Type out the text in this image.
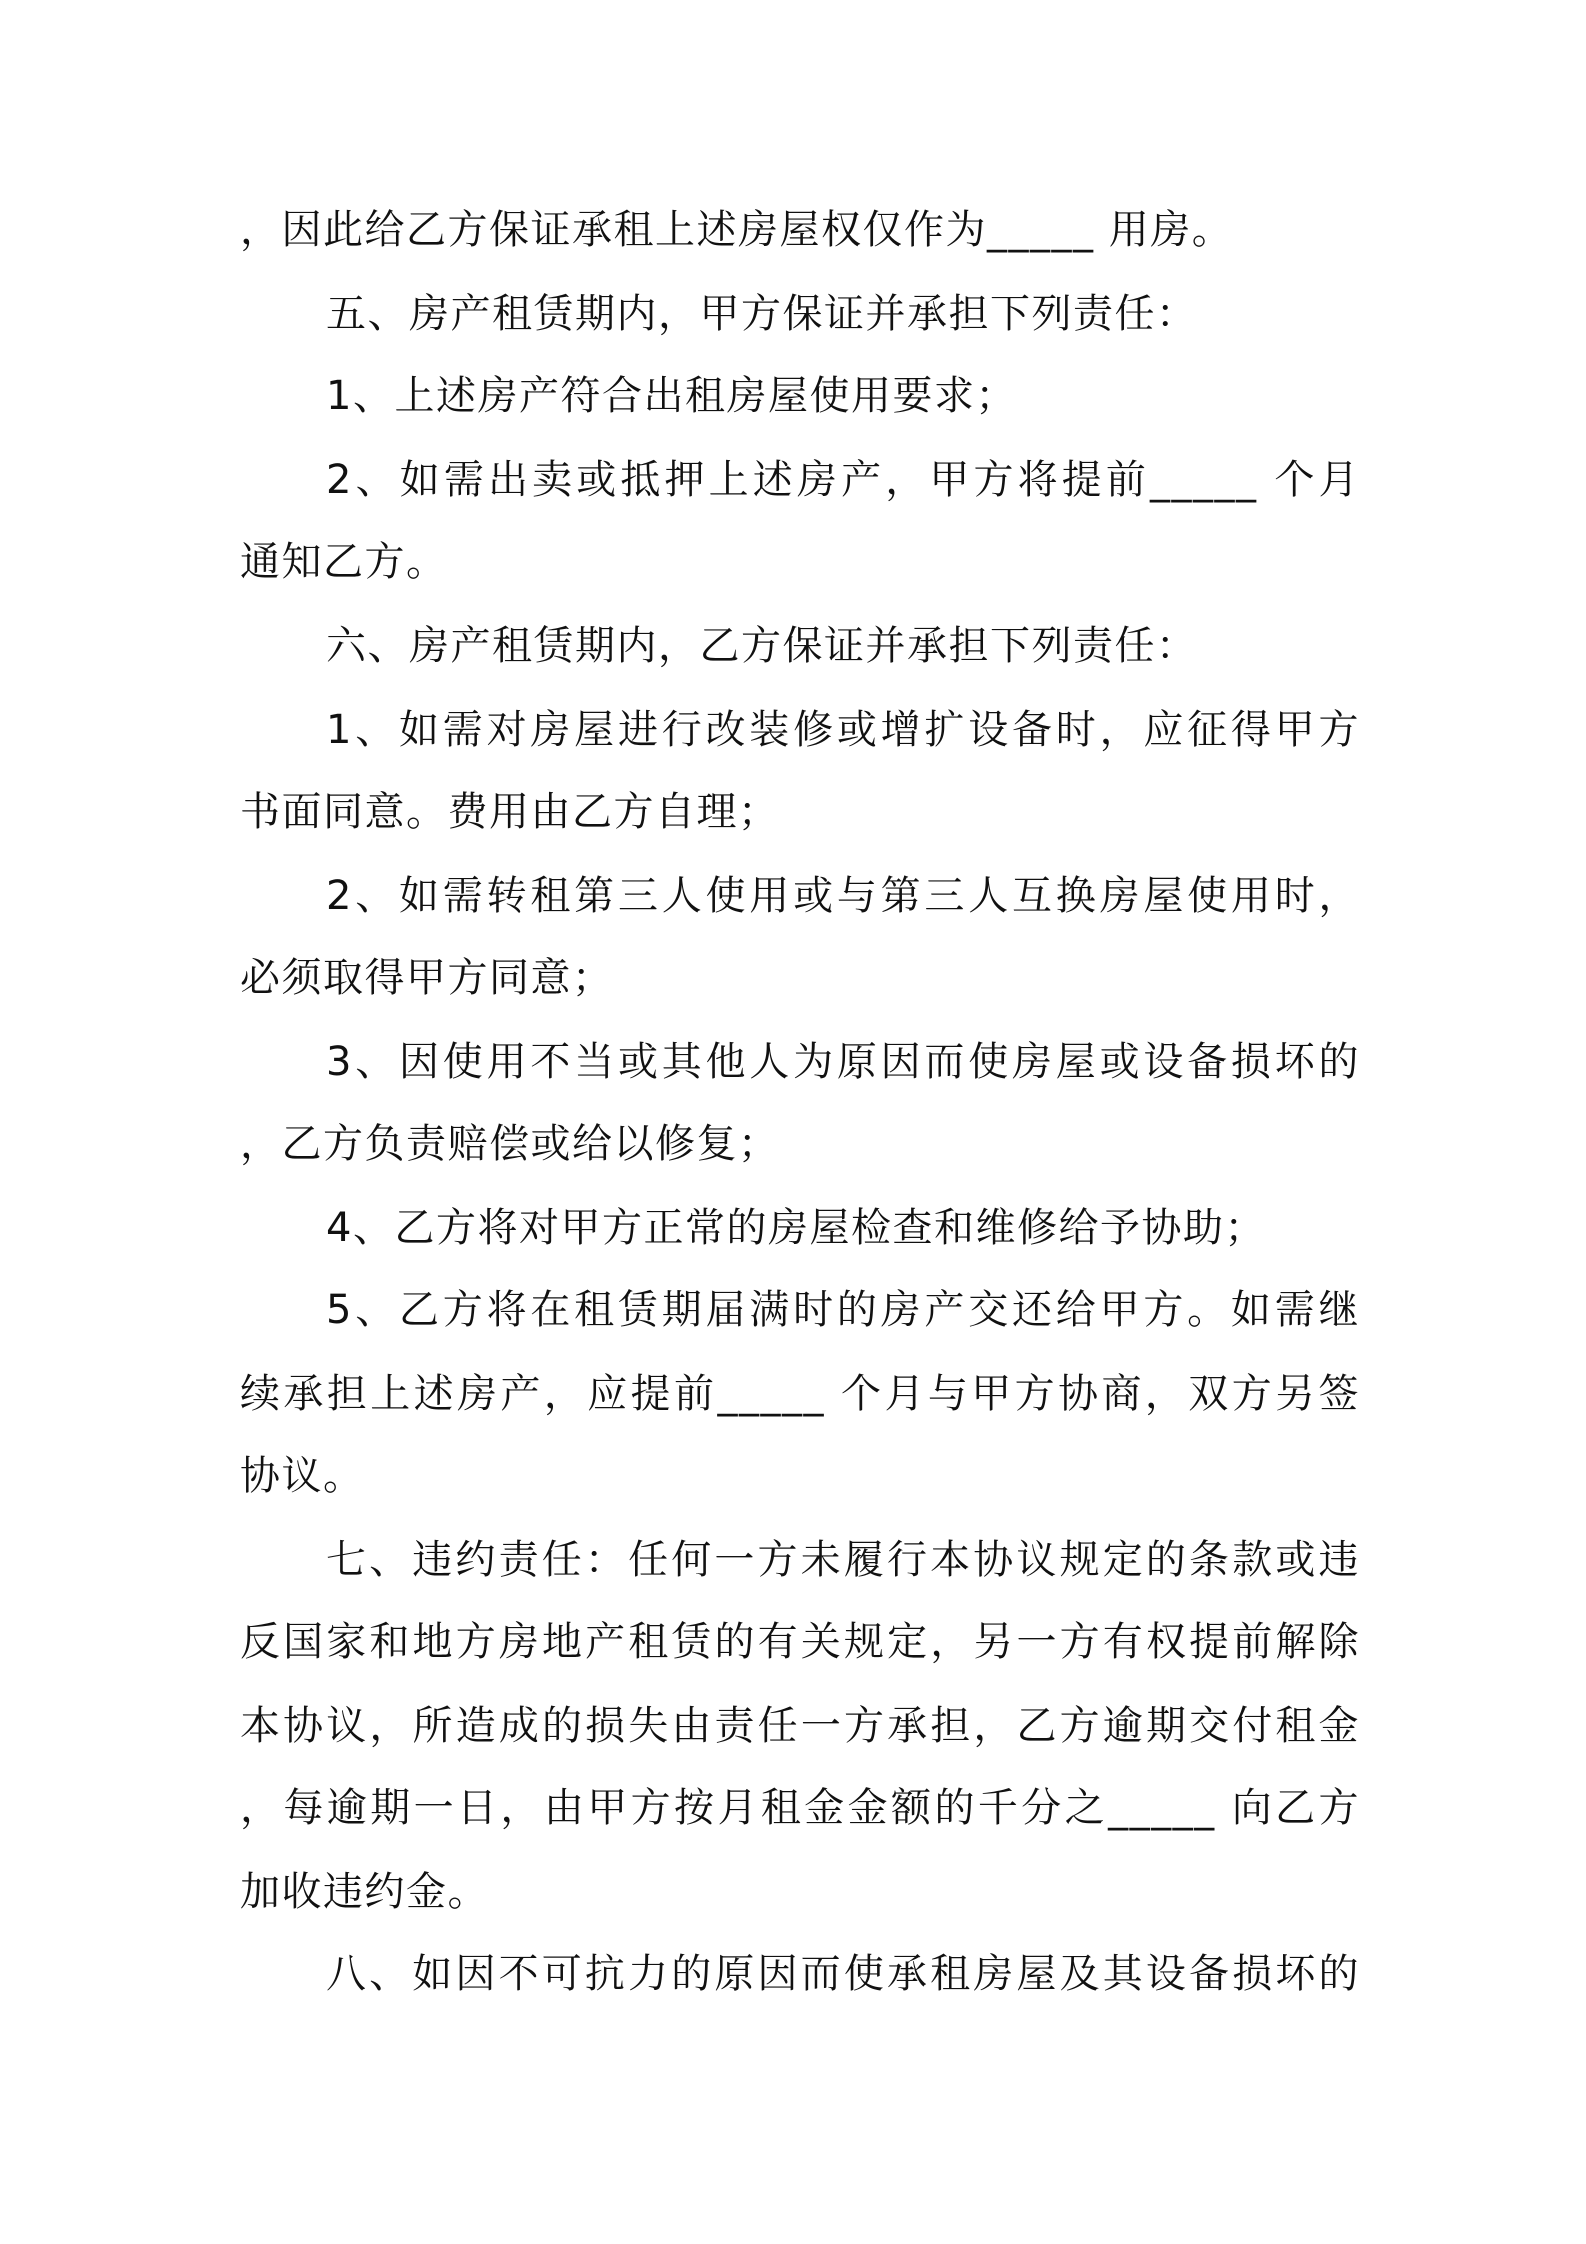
，因此给乙方保证承租上述房屋权仅作为_____ 用房。

五、房产租赁期内，甲方保证并承担下列责任：

1、上述房产符合出租房屋使用要求；

2、如需出卖或抵押上述房产，甲方将提前_____ 个月

通知乙方。

六、房产租赁期内，乙方保证并承担下列责任：

1、如需对房屋进行改装修或增扩设备时，应征得甲方

书面同意。费用由乙方自理；

2、如需转租第三人使用或与第三人互换房屋使用时，

必须取得甲方同意；

3、因使用不当或其他人为原因而使房屋或设备损坏的

，乙方负责赔偿或给以修复；

4、乙方将对甲方正常的房屋检查和维修给予协助；

5、乙方将在租赁期届满时的房产交还给甲方。如需继

续承担上述房产，应提前_____ 个月与甲方协商，双方另签

协议。

七、违约责任：任何一方未履行本协议规定的条款或违

反国家和地方房地产租赁的有关规定，另一方有权提前解除

本协议，所造成的损失由责任一方承担，乙方逾期交付租金

，每逾期一日，由甲方按月租金金额的千分之_____ 向乙方

加收违约金。

八、如因不可抗力的原因而使承租房屋及其设备损坏的
